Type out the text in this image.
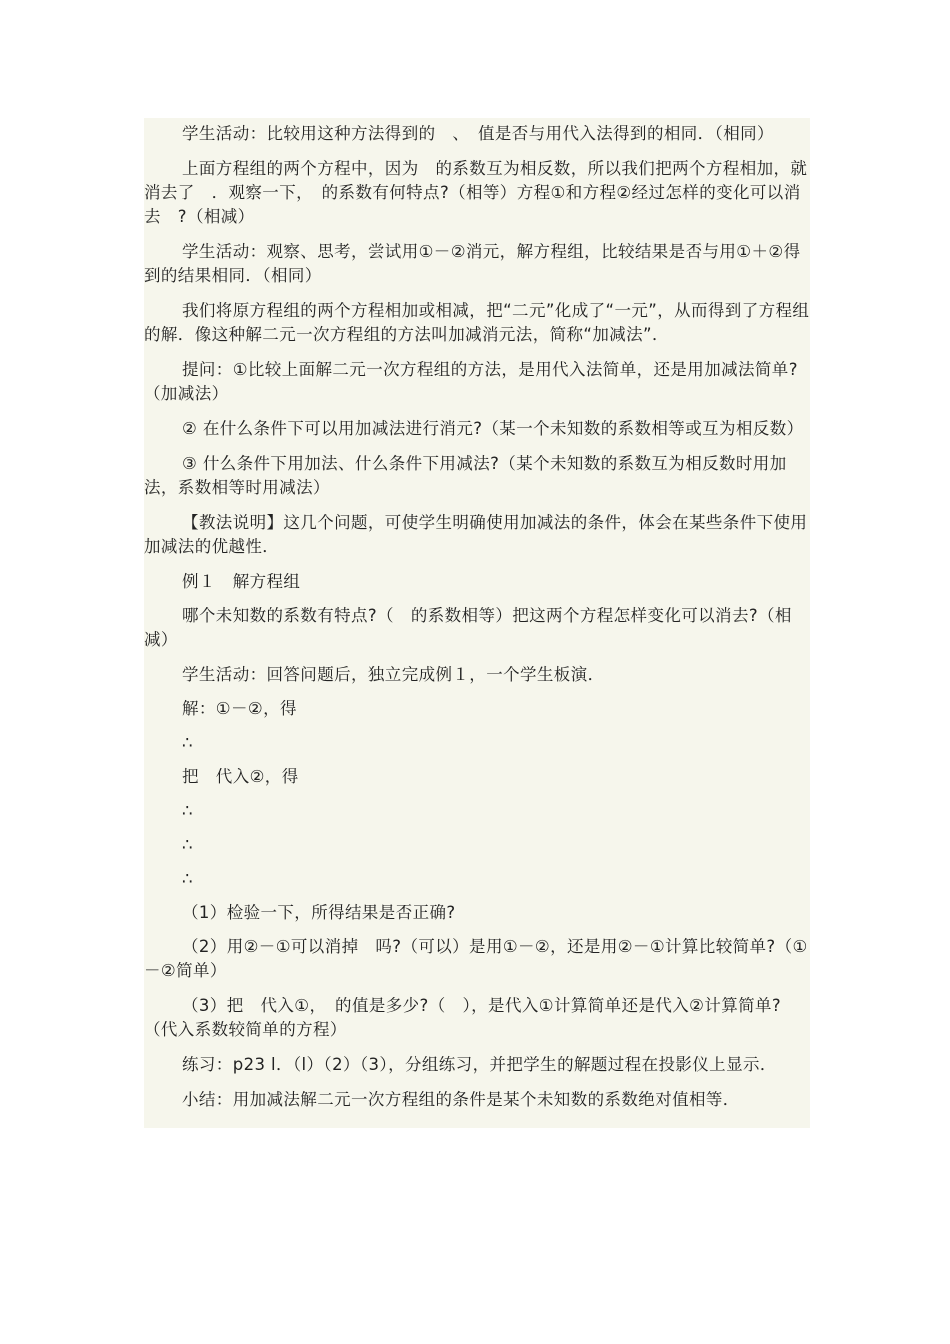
学生活动：比较用这种方法得到的　、　值是否与用代入法得到的相同．（相同）

上面方程组的两个方程中，因为　的系数互为相反数，所以我们把两个方程相加，就消去了　．观察一下，　的系数有何特点?（相等）方程①和方程②经过怎样的变化可以消去　?（相减）

学生活动：观察、思考，尝试用①－②消元，解方程组，比较结果是否与用①＋②得到的结果相同．（相同）

我们将原方程组的两个方程相加或相减，把“二元”化成了“一元”，从而得到了方程组的解．像这种解二元一次方程组的方法叫加减消元法，简称“加减法”．

提问：①比较上面解二元一次方程组的方法，是用代入法简单，还是用加减法简单?（加减法）

② 在什么条件下可以用加减法进行消元?（某一个未知数的系数相等或互为相反数）

③ 什么条件下用加法、什么条件下用减法?（某个未知数的系数互为相反数时用加法，系数相等时用减法）

【教法说明】这几个问题，可使学生明确使用加减法的条件，体会在某些条件下使用加减法的优越性．

例１　解方程组

哪个未知数的系数有特点?（　的系数相等）把这两个方程怎样变化可以消去?（相减）

学生活动：回答问题后，独立完成例１，一个学生板演．

解：①－②，得

∴

把　代入②，得

∴

∴

∴

（1）检验一下，所得结果是否正确?

（2）用②－①可以消掉　吗?（可以）是用①－②，还是用②－①计算比较简单?（①－②简单）

（3）把　代入①，　的值是多少?（　），是代入①计算简单还是代入②计算简单?（代入系数较简单的方程）

练习：p23 l．（l）（2）（3），分组练习，并把学生的解题过程在投影仪上显示．

小结：用加减法解二元一次方程组的条件是某个未知数的系数绝对值相等．
